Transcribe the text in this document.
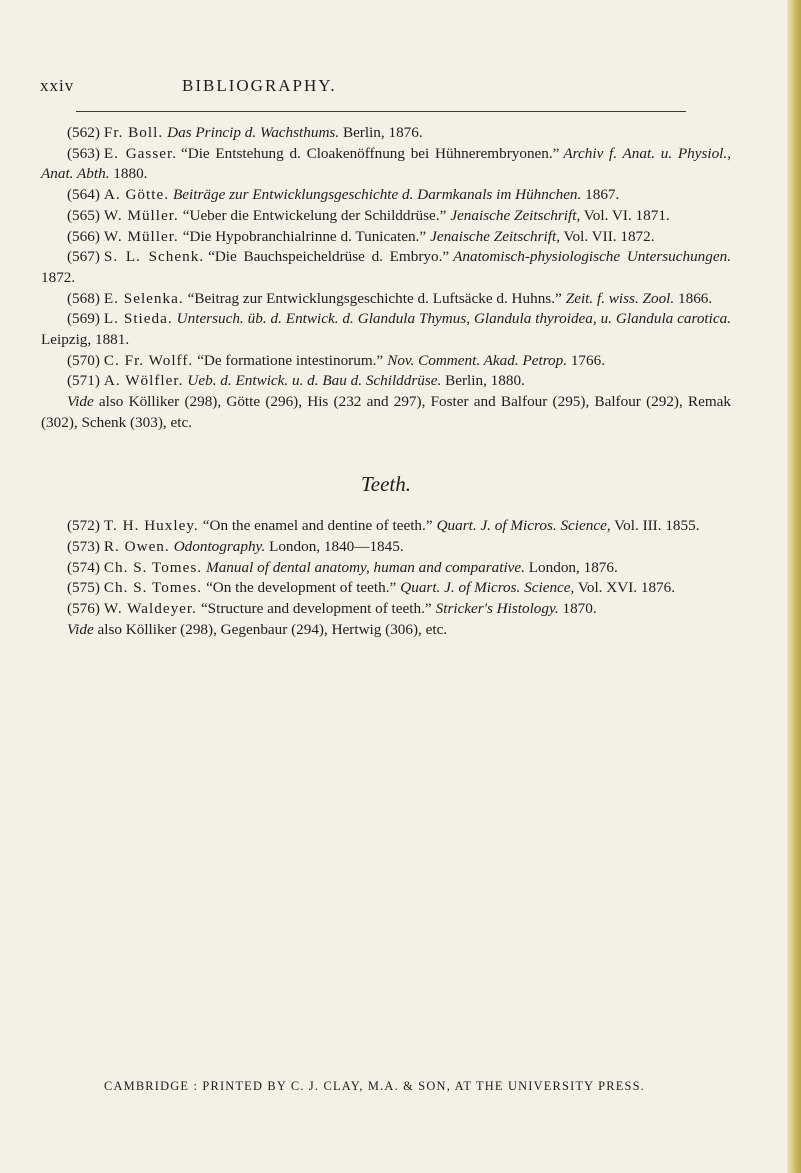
xxiv	BIBLIOGRAPHY.

(562) Fr. Boll. Das Princip d. Wachsthums. Berlin, 1876.

(563) E. Gasser. “Die Entstehung d. Cloakenöffnung bei Hühnerembryonen.” Archiv f. Anat. u. Physiol., Anat. Abth. 1880.

(564) A. Götte. Beiträge zur Entwicklungsgeschichte d. Darmkanals im Hühnchen. 1867.

(565) W. Müller. “Ueber die Entwickelung der Schilddrüse.” Jenaische Zeitschrift, Vol. VI. 1871.

(566) W. Müller. “Die Hypobranchialrinne d. Tunicaten.” Jenaische Zeitschrift, Vol. VII. 1872.

(567) S. L. Schenk. “Die Bauchspeicheldrüse d. Embryo.” Anatomisch-physiologische Untersuchungen. 1872.

(568) E. Selenka. “Beitrag zur Entwicklungsgeschichte d. Luftsäcke d. Huhns.” Zeit. f. wiss. Zool. 1866.

(569) L. Stieda. Untersuch. üb. d. Entwick. d. Glandula Thymus, Glandula thyroidea, u. Glandula carotica. Leipzig, 1881.

(570) C. Fr. Wolff. “De formatione intestinorum.” Nov. Comment. Akad. Petrop. 1766.

(571) A. Wölfler. Ueb. d. Entwick. u. d. Bau d. Schilddrüse. Berlin, 1880.

Vide also Kölliker (298), Götte (296), His (232 and 297), Foster and Balfour (295), Balfour (292), Remak (302), Schenk (303), etc.

Teeth.

(572) T. H. Huxley. “On the enamel and dentine of teeth.” Quart. J. of Micros. Science, Vol. III. 1855.

(573) R. Owen. Odontography. London, 1840—1845.

(574) Ch. S. Tomes. Manual of dental anatomy, human and comparative. London, 1876.

(575) Ch. S. Tomes. “On the development of teeth.” Quart. J. of Micros. Science, Vol. XVI. 1876.

(576) W. Waldeyer. “Structure and development of teeth.” Stricker's Histology. 1870.

Vide also Kölliker (298), Gegenbaur (294), Hertwig (306), etc.

CAMBRIDGE : PRINTED BY C. J. CLAY, M.A. & SON, AT THE UNIVERSITY PRESS.
